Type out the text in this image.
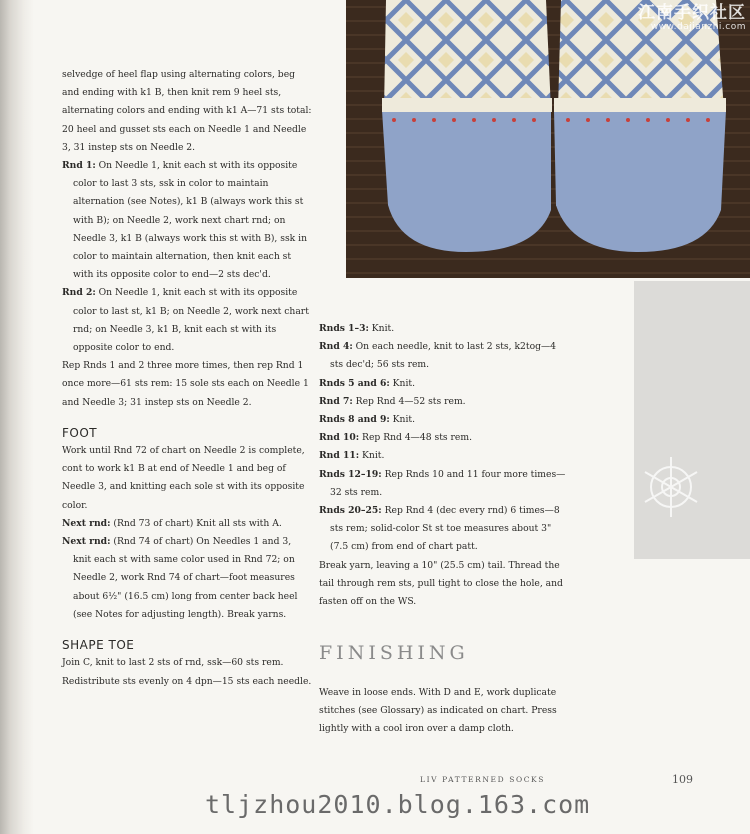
江南手织社区
www.dajianzhi.com

selvedge of heel flap using alternating colors, beg and ending with k1 B, then knit rem 9 heel sts, alternating colors and ending with k1 A—71 sts total: 20 heel and gusset sts each on Needle 1 and Needle 3, 31 instep sts on Needle 2.

Rnd 1: On Needle 1, knit each st with its opposite color to last 3 sts, ssk in color to maintain alternation (see Notes), k1 B (always work this st with B); on Needle 2, work next chart rnd; on Needle 3, k1 B (always work this st with B), ssk in color to maintain alternation, then knit each st with its opposite color to end—2 sts dec'd.

Rnd 2: On Needle 1, knit each st with its opposite color to last st, k1 B; on Needle 2, work next chart rnd; on Needle 3, k1 B, knit each st with its opposite color to end.

Rep Rnds 1 and 2 three more times, then rep Rnd 1 once more—61 sts rem: 15 sole sts each on Needle 1 and Needle 3; 31 instep sts on Needle 2.

FOOT

Work until Rnd 72 of chart on Needle 2 is complete, cont to work k1 B at end of Needle 1 and beg of Needle 3, and knitting each sole st with its opposite color.

Next rnd: (Rnd 73 of chart) Knit all sts with A.

Next rnd: (Rnd 74 of chart) On Needles 1 and 3, knit each st with same color used in Rnd 72; on Needle 2, work Rnd 74 of chart—foot measures about 6½" (16.5 cm) long from center back heel (see Notes for adjusting length). Break yarns.

SHAPE TOE

Join C, knit to last 2 sts of rnd, ssk—60 sts rem. Redistribute sts evenly on 4 dpn—15 sts each needle.

Rnds 1–3: Knit.

Rnd 4: On each needle, knit to last 2 sts, k2tog—4 sts dec'd; 56 sts rem.

Rnds 5 and 6: Knit.

Rnd 7: Rep Rnd 4—52 sts rem.

Rnds 8 and 9: Knit.

Rnd 10: Rep Rnd 4—48 sts rem.

Rnd 11: Knit.

Rnds 12–19: Rep Rnds 10 and 11 four more times—32 sts rem.

Rnds 20–25: Rep Rnd 4 (dec every rnd) 6 times—8 sts rem; solid-color St st toe measures about 3" (7.5 cm) from end of chart patt.

Break yarn, leaving a 10" (25.5 cm) tail. Thread the tail through rem sts, pull tight to close the hole, and fasten off on the WS.

FINISHING

Weave in loose ends. With D and E, work duplicate stitches (see Glossary) as indicated on chart. Press lightly with a cool iron over a damp cloth.

LIV PATTERNED SOCKS	109
tljzhou2010.blog.163.com
